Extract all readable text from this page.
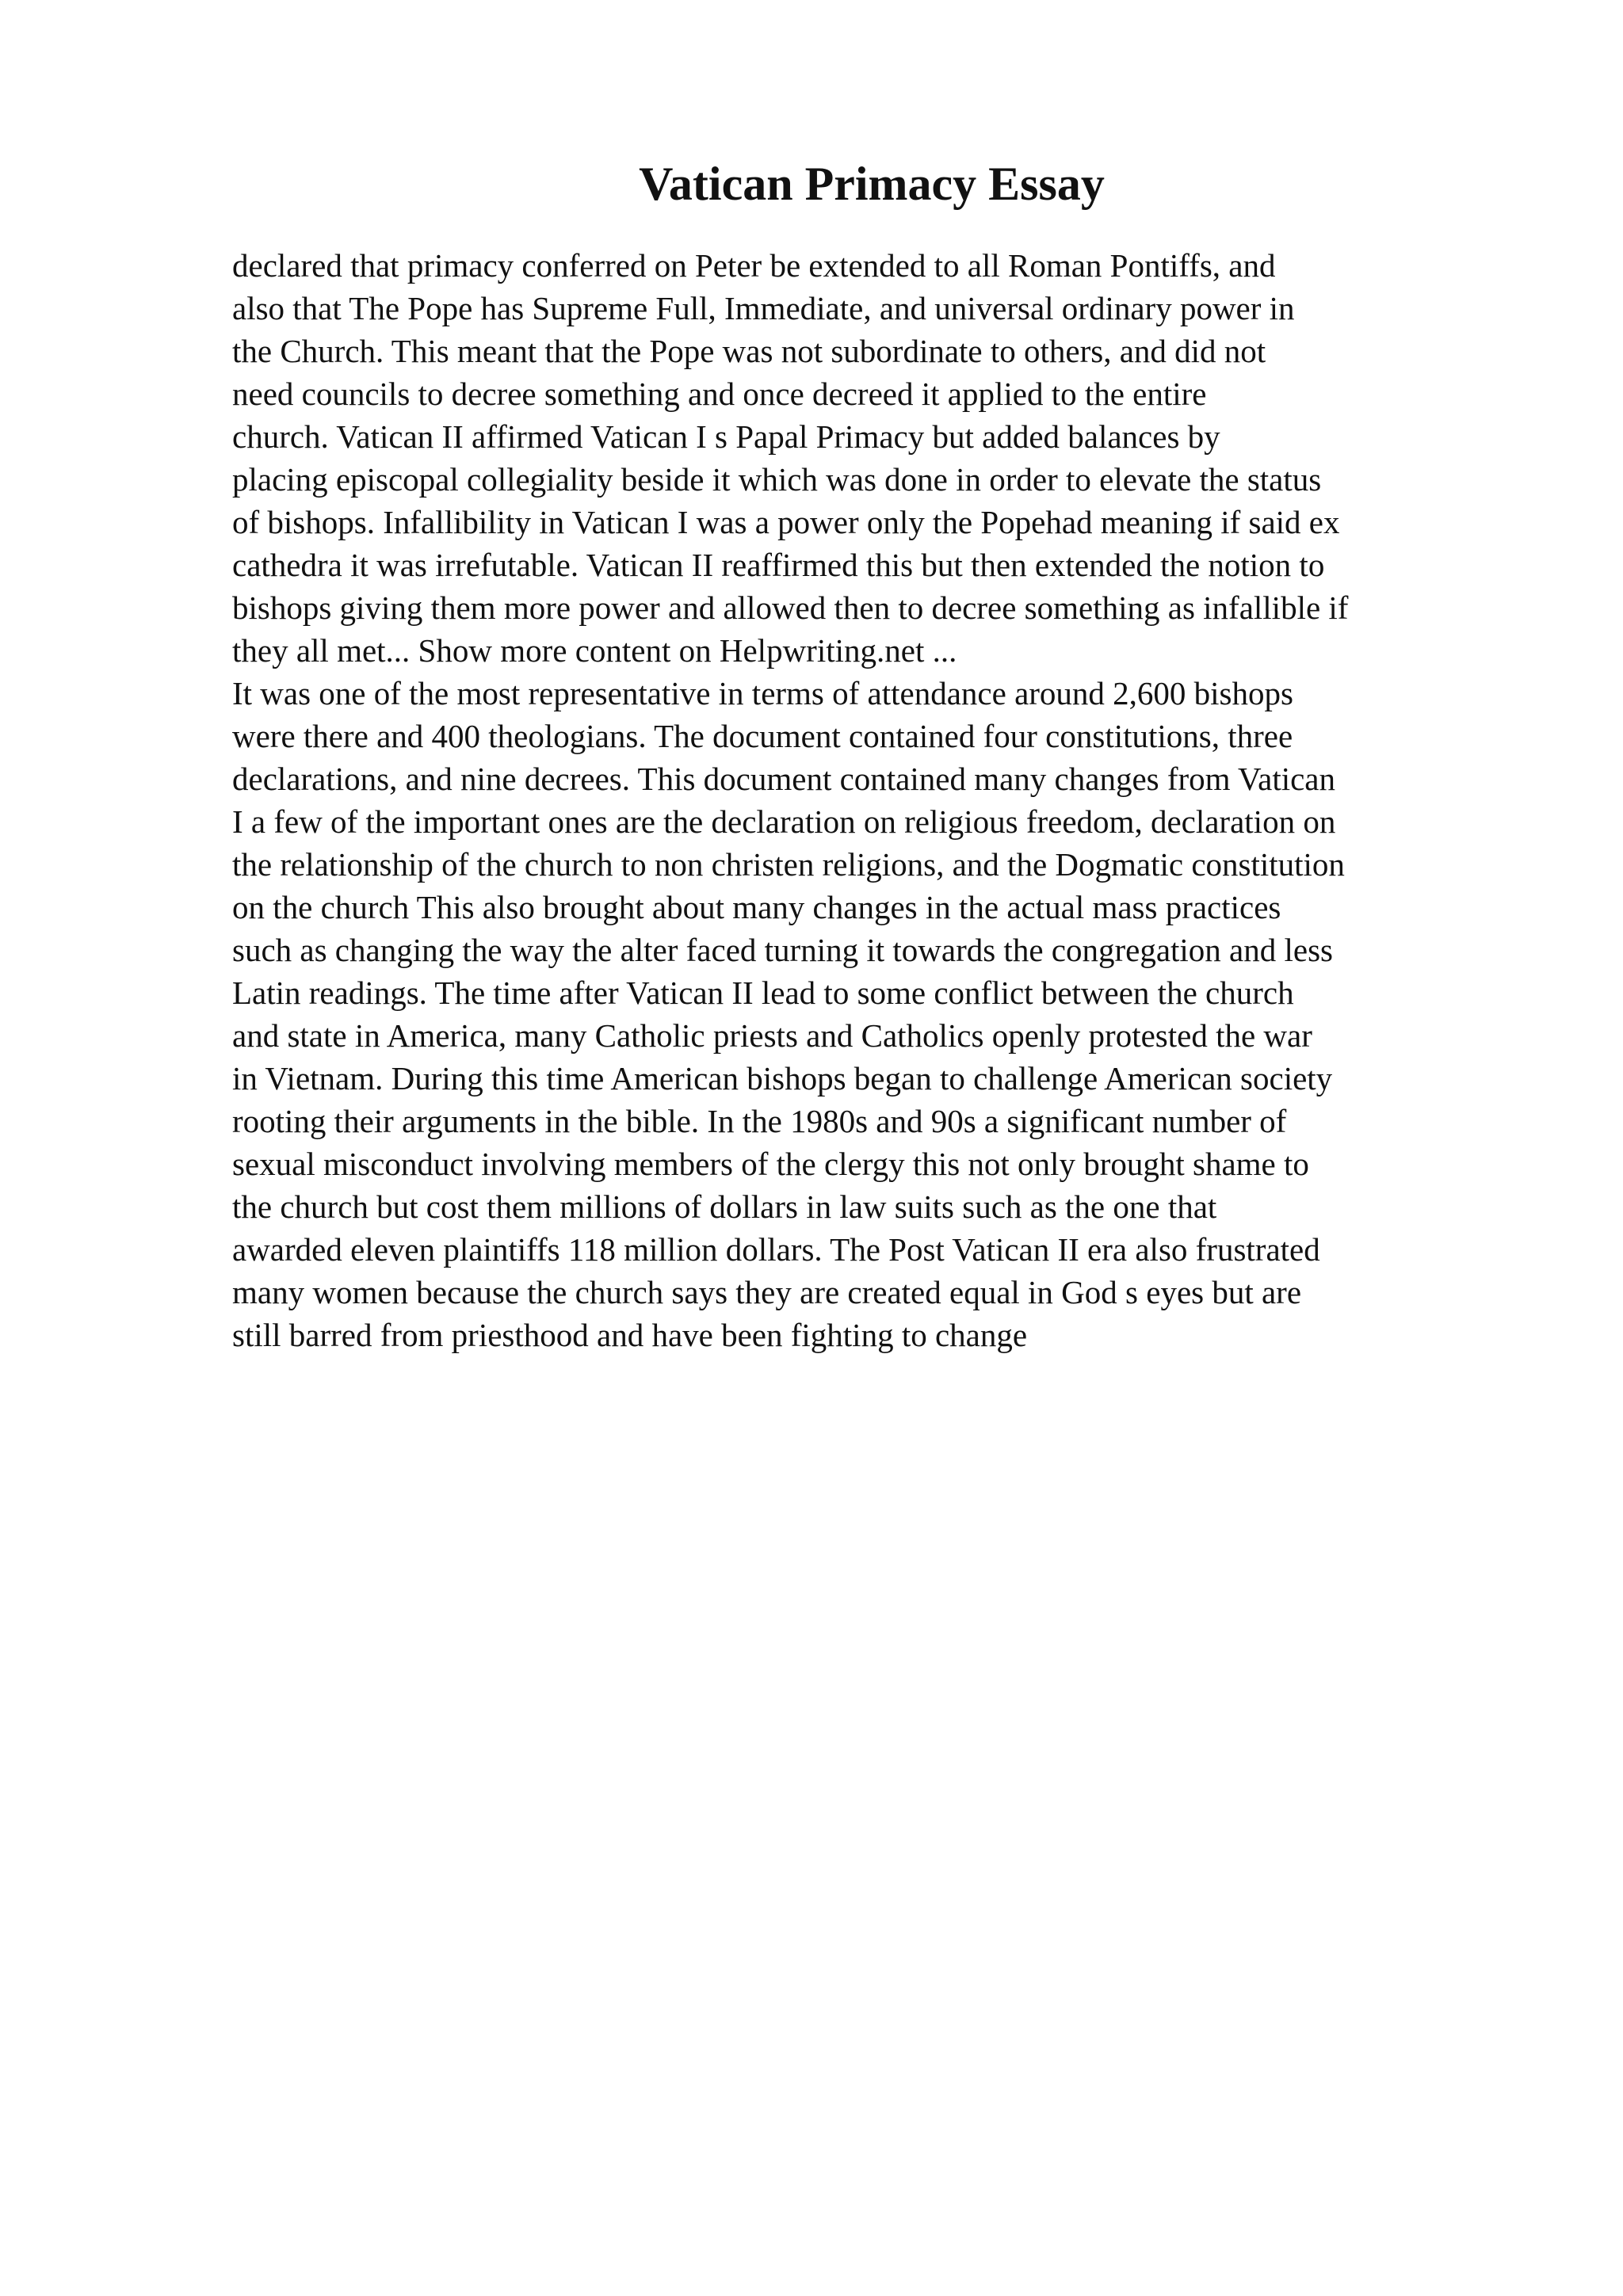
Vatican Primacy Essay
declared that primacy conferred on Peter be extended to all Roman Pontiffs, and
also that The Pope has Supreme Full, Immediate, and universal ordinary power in
the Church. This meant that the Pope was not subordinate to others, and did not
need councils to decree something and once decreed it applied to the entire
church. Vatican II affirmed Vatican I s Papal Primacy but added balances by
placing episcopal collegiality beside it which was done in order to elevate the status
of bishops. Infallibility in Vatican I was a power only the Popehad meaning if said ex
cathedra it was irrefutable. Vatican II reaffirmed this but then extended the notion to
bishops giving them more power and allowed then to decree something as infallible if
they all met... Show more content on Helpwriting.net ...
It was one of the most representative in terms of attendance around 2,600 bishops
were there and 400 theologians. The document contained four constitutions, three
declarations, and nine decrees. This document contained many changes from Vatican
I a few of the important ones are the declaration on religious freedom, declaration on
the relationship of the church to non christen religions, and the Dogmatic constitution
on the church This also brought about many changes in the actual mass practices
such as changing the way the alter faced turning it towards the congregation and less
Latin readings. The time after Vatican II lead to some conflict between the church
and state in America, many Catholic priests and Catholics openly protested the war
in Vietnam. During this time American bishops began to challenge American society
rooting their arguments in the bible. In the 1980s and 90s a significant number of
sexual misconduct involving members of the clergy this not only brought shame to
the church but cost them millions of dollars in law suits such as the one that
awarded eleven plaintiffs 118 million dollars. The Post Vatican II era also frustrated
many women because the church says they are created equal in God s eyes but are
still barred from priesthood and have been fighting to change
